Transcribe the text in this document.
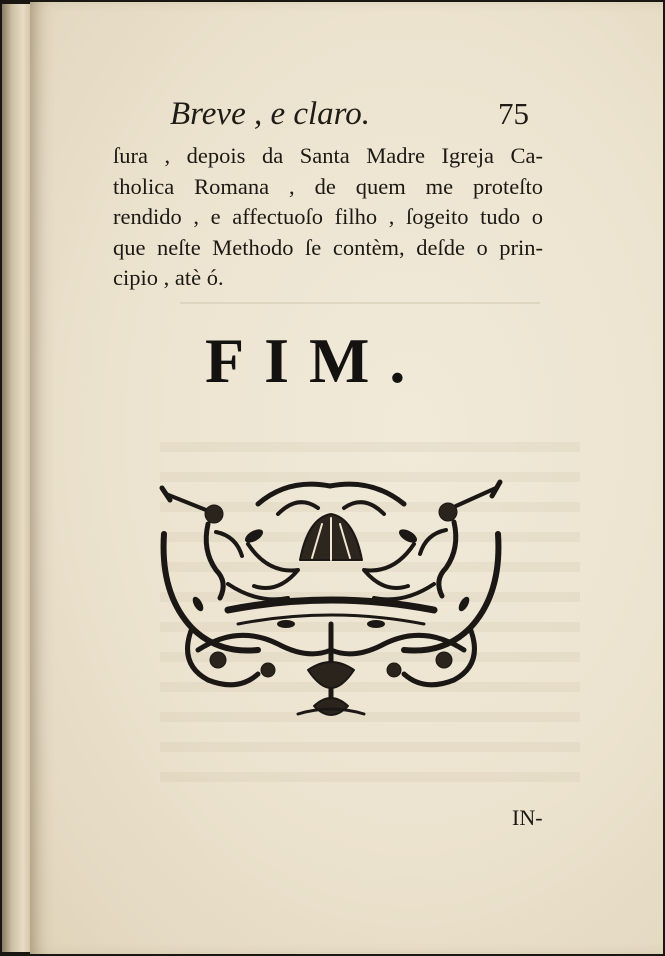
Breve , e claro.	75
ſura , depois da Santa Madre Igreja Ca-
tholica Romana , de quem me proteſto
rendido , e affectuoſo filho , ſogeito tudo o
que neſte Methodo ſe contèm, deſde o prin-
cipio , atè ó.
FIM.
IN-
